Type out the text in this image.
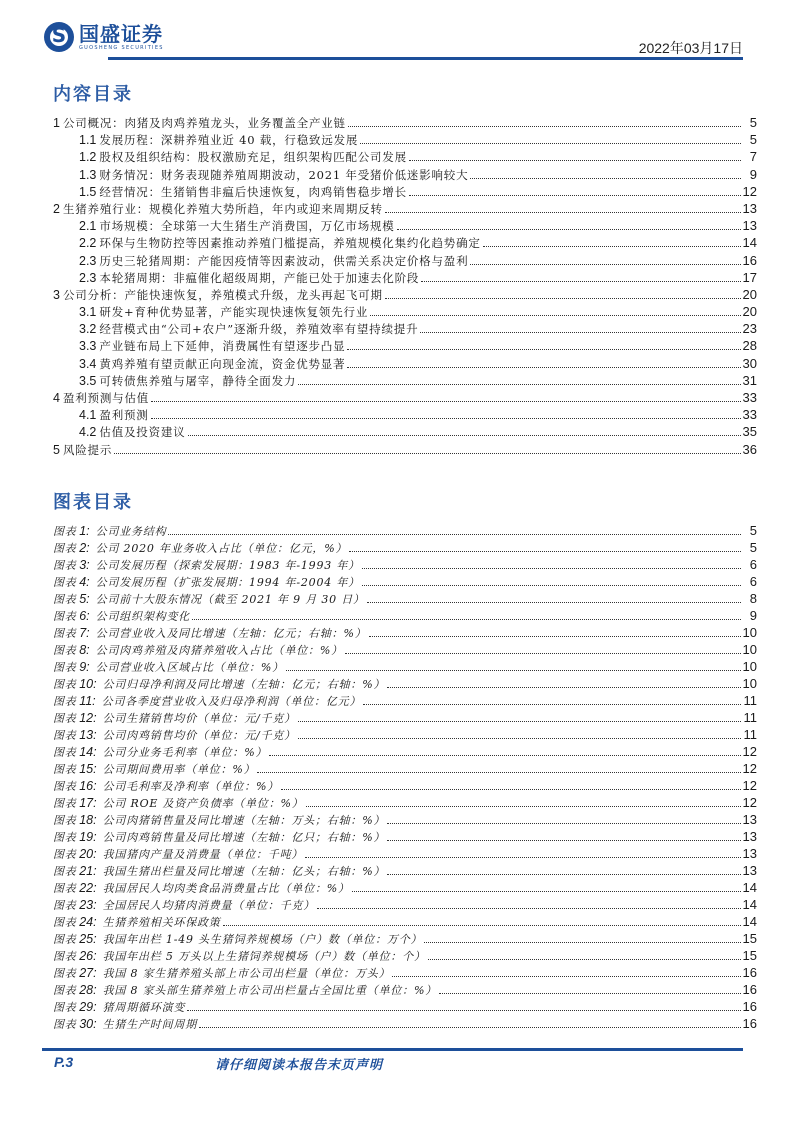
S
国盛证券
GUOSHENG SECURITIES	2022年03月17日
内容目录
1 公司概况：肉猪及肉鸡养殖龙头，业务覆盖全产业链	5
1.1 发展历程：深耕养殖业近 40 载，行稳致远发展	5
1.2 股权及组织结构：股权激励充足，组织架构匹配公司发展	7
1.3 财务情况：财务表现随养殖周期波动，2021 年受猪价低迷影响较大	9
1.5 经营情况：生猪销售非瘟后快速恢复，肉鸡销售稳步增长	12
2 生猪养殖行业：规模化养殖大势所趋，年内或迎来周期反转	13
2.1 市场规模：全球第一大生猪生产消费国，万亿市场规模	13
2.2 环保与生物防控等因素推动养殖门槛提高，养殖规模化集约化趋势确定	14
2.3 历史三轮猪周期：产能因疫情等因素波动，供需关系决定价格与盈利	16
2.3 本轮猪周期：非瘟催化超级周期，产能已处于加速去化阶段	17
3 公司分析：产能快速恢复，养殖模式升级，龙头再起飞可期	20
3.1 研发+育种优势显著，产能实现快速恢复领先行业	20
3.2 经营模式由“公司+农户”逐渐升级，养殖效率有望持续提升	23
3.3 产业链布局上下延伸，消费属性有望逐步凸显	28
3.4 黄鸡养殖有望贡献正向现金流，资金优势显著	30
3.5 可转债焦养殖与屠宰，静待全面发力	31
4 盈利预测与估值	33
4.1 盈利预测	33
4.2 估值及投资建议	35
5 风险提示	36
图表目录
图表 1: 公司业务结构	5
图表 2: 公司 2020 年业务收入占比（单位：亿元，%）	5
图表 3: 公司发展历程（探索发展期：1983 年-1993 年）	6
图表 4: 公司发展历程（扩张发展期：1994 年-2004 年）	6
图表 5: 公司前十大股东情况（截至 2021 年 9 月 30 日）	8
图表 6: 公司组织架构变化	9
图表 7: 公司营业收入及同比增速（左轴：亿元；右轴：%）	10
图表 8: 公司肉鸡养殖及肉猪养殖收入占比（单位：%）	10
图表 9: 公司营业收入区域占比（单位：%）	10
图表 10: 公司归母净利润及同比增速（左轴：亿元；右轴：%）	10
图表 11: 公司各季度营业收入及归母净利润（单位：亿元）	11
图表 12: 公司生猪销售均价（单位：元/千克）	11
图表 13: 公司肉鸡销售均价（单位：元/千克）	11
图表 14: 公司分业务毛利率（单位：%）	12
图表 15: 公司期间费用率（单位：%）	12
图表 16: 公司毛利率及净利率（单位：%）	12
图表 17: 公司 ROE 及资产负债率（单位：%）	12
图表 18: 公司肉猪销售量及同比增速（左轴：万头；右轴：%）	13
图表 19: 公司肉鸡销售量及同比增速（左轴：亿只；右轴：%）	13
图表 20: 我国猪肉产量及消费量（单位：千吨）	13
图表 21: 我国生猪出栏量及同比增速（左轴：亿头；右轴：%）	13
图表 22: 我国居民人均肉类食品消费量占比（单位：%）	14
图表 23: 全国居民人均猪肉消费量（单位：千克）	14
图表 24: 生猪养殖相关环保政策	14
图表 25: 我国年出栏 1-49 头生猪饲养规模场（户）数（单位：万个）	15
图表 26: 我国年出栏 5 万头以上生猪饲养规模场（户）数（单位：个）	15
图表 27: 我国 8 家生猪养殖头部上市公司出栏量（单位：万头）	16
图表 28: 我国 8 家头部生猪养殖上市公司出栏量占全国比重（单位：%）	16
图表 29: 猪周期循环演变	16
图表 30: 生猪生产时间周期	16
P.3	请仔细阅读本报告末页声明
